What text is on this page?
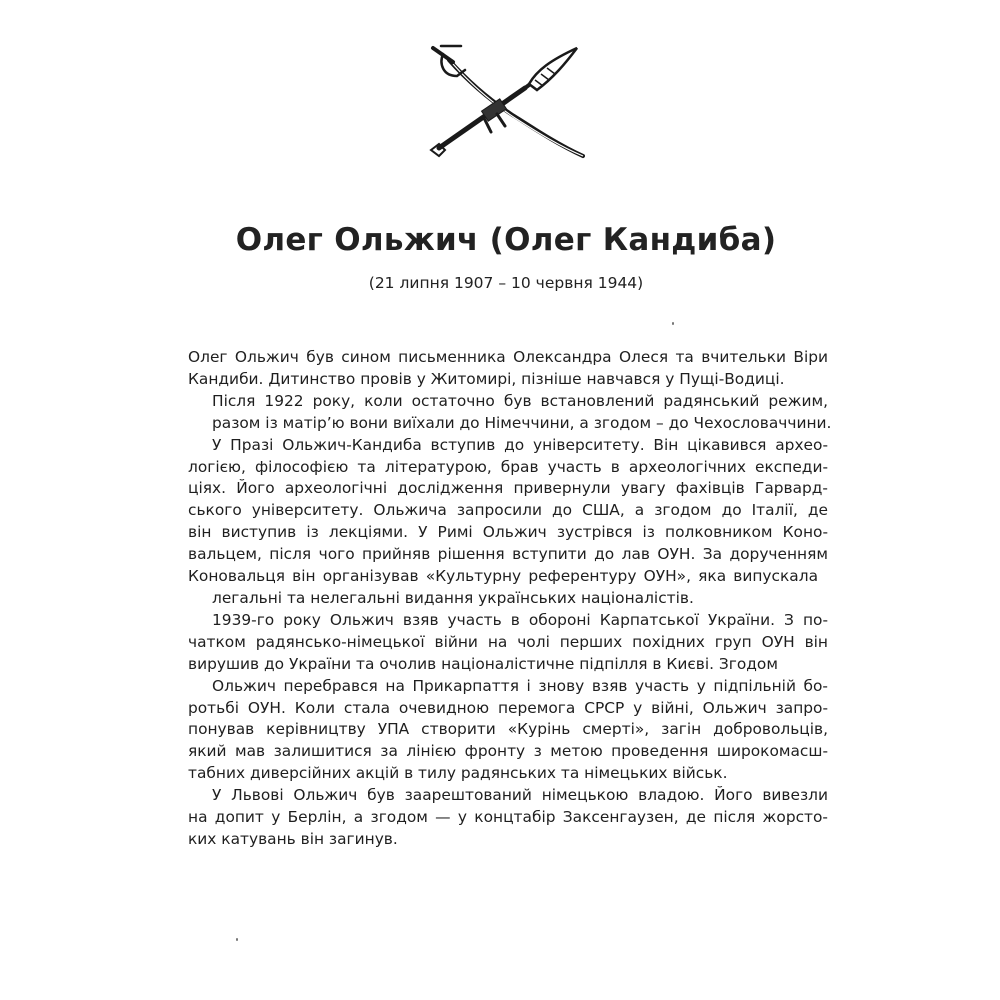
Олег Ольжич (Олег Кандиба)
(21 липня 1907 – 10 червня 1944)
Олег Ольжич був сином письменника Олександра Олеся та вчительки Віри
Кандиби. Дитинство провів у Житомирі, пізніше навчався у Пущі-Водиці.
Після 1922 року, коли остаточно був встановлений радянський режим,
разом із матір’ю вони виїхали до Німеччини, а згодом – до Чехословаччини.
У Празі Ольжич-Кандиба вступив до університету. Він цікавився архео-
логією, філософією та літературою, брав участь в археологічних експеди-
ціях. Його археологічні дослідження привернули увагу фахівців Гарвард-
ського університету. Ольжича запросили до США, а згодом до Італії, де
він виступив із лекціями. У Римі Ольжич зустрівся із полковником Коно-
вальцем, після чого прийняв рішення вступити до лав ОУН. За дорученням
Коновальця він організував «Культурну референтуру ОУН», яка випускала
легальні та нелегальні видання українських націоналістів.
1939-го року Ольжич взяв участь в обороні Карпатської України. З по-
чатком радянсько-німецької війни на чолі перших похідних груп ОУН він
вирушив до України та очолив націоналістичне підпілля в Києві. Згодом
Ольжич перебрався на Прикарпаття і знову взяв участь у підпільній бо-
ротьбі ОУН. Коли стала очевидною перемога СРСР у війні, Ольжич запро-
понував керівництву УПА створити «Курінь смерті», загін добровольців,
який мав залишитися за лінією фронту з метою проведення широкомасш-
табних диверсійних акцій в тилу радянських та німецьких військ.
У Львові Ольжич був заарештований німецькою владою. Його вивезли
на допит у Берлін, а згодом — у концтабір Заксенгаузен, де після жорсто-
ких катувань він загинув.
